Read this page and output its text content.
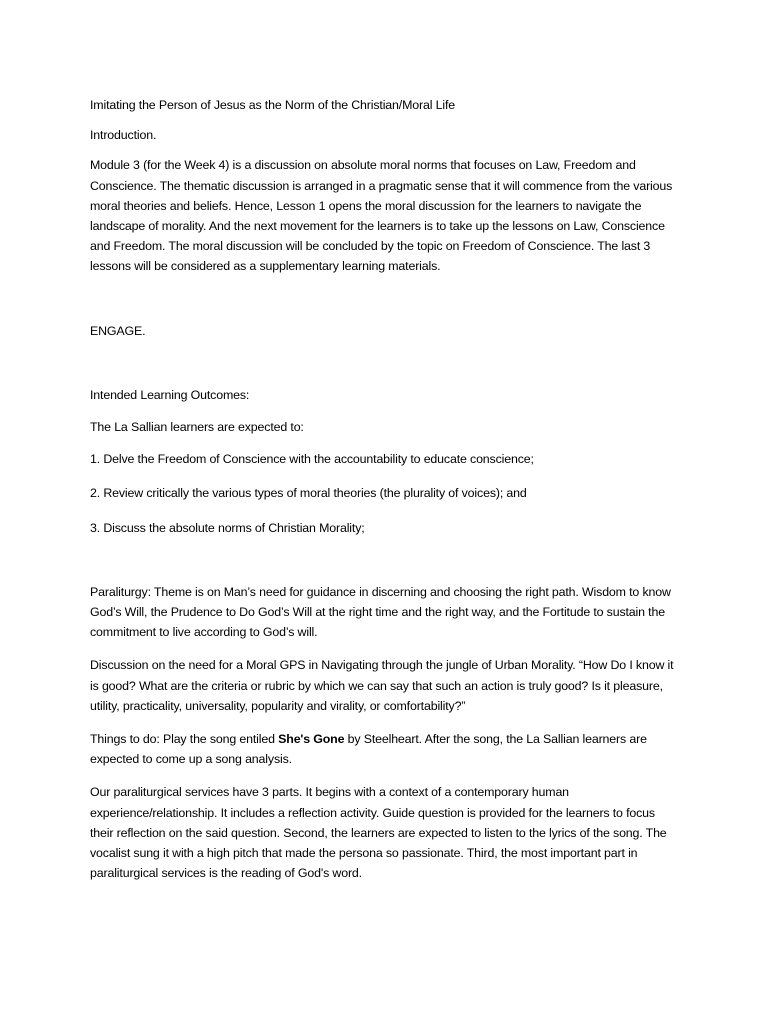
Imitating the Person of Jesus as the Norm of the Christian/Moral Life

Introduction.

Module 3 (for the Week 4) is a discussion on absolute moral norms that focuses on Law, Freedom and Conscience. The thematic discussion is arranged in a pragmatic sense that it will commence from the various moral theories and beliefs. Hence, Lesson 1 opens the moral discussion for the learners to navigate the landscape of morality. And the next movement for the learners is to take up the lessons on Law, Conscience and Freedom. The moral discussion will be concluded by the topic on Freedom of Conscience. The last 3 lessons will be considered as a supplementary learning materials.

ENGAGE.

Intended Learning Outcomes:

The La Sallian learners are expected to:

1. Delve the Freedom of Conscience with the accountability to educate conscience;

2. Review critically the various types of moral theories (the plurality of voices); and

3. Discuss the absolute norms of Christian Morality;

Paraliturgy: Theme is on Man’s need for guidance in discerning and choosing the right path. Wisdom to know God’s Will, the Prudence to Do God’s Will at the right time and the right way, and the Fortitude to sustain the commitment to live according to God’s will.

Discussion on the need for a Moral GPS in Navigating through the jungle of Urban Morality. “How Do I know it is good? What are the criteria or rubric by which we can say that such an action is truly good? Is it pleasure, utility, practicality, universality, popularity and virality, or comfortability?”

Things to do: Play the song entiled She's Gone by Steelheart. After the song, the La Sallian learners are expected to come up a song analysis.

Our paraliturgical services have 3 parts. It begins with a context of a contemporary human experience/relationship. It includes a reflection activity. Guide question is provided for the learners to focus their reflection on the said question. Second, the learners are expected to listen to the lyrics of the song. The vocalist sung it with a high pitch that made the persona so passionate. Third, the most important part in paraliturgical services is the reading of God's word.
